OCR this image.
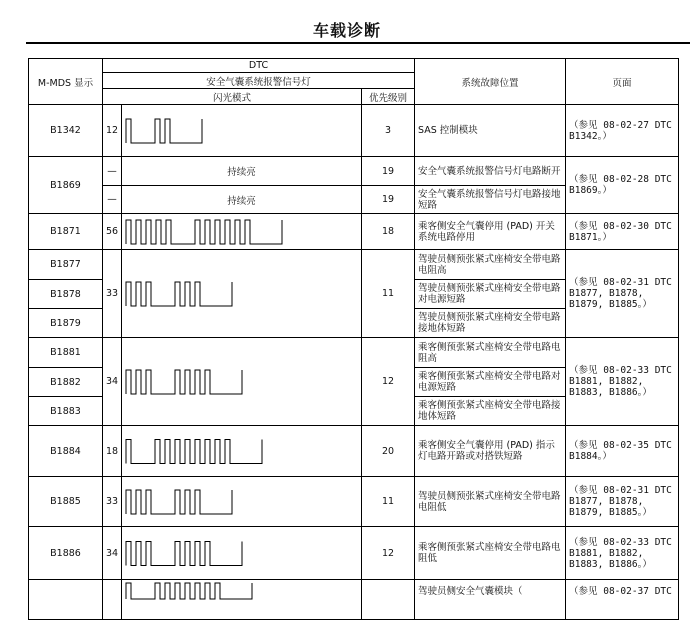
车载诊断
M-MDS 显示	DTC			系统故障位置	页面
	安全气囊系统报警信号灯				
	闪光模式		优先级别		
B1342	12		3	SAS 控制模块	（参见 08-02-27 DTC B1342。）
B1869	—	持续亮	19	安全气囊系统报警信号灯电路断开	（参见 08-02-28 DTC B1869。）
	—	持续亮	19	安全气囊系统报警信号灯电路接地短路	
B1871	56		18	乘客侧安全气囊停用 (PAD) 开关系统电路停用	（参见 08-02-30 DTC B1871。）
B1877	33		11	驾驶员侧预张紧式座椅安全带电路电阻高	（参见 08-02-31 DTC B1877, B1878, B1879, B1885。）
B1878				驾驶员侧预张紧式座椅安全带电路对电源短路	
B1879				驾驶员侧预张紧式座椅安全带电路接地体短路	
B1881	34		12	乘客侧预张紧式座椅安全带电路电阻高	（参见 08-02-33 DTC B1881, B1882, B1883, B1886。）
B1882				乘客侧预张紧式座椅安全带电路对电源短路	
B1883				乘客侧预张紧式座椅安全带电路接地体短路	
B1884	18		20	乘客侧安全气囊停用 (PAD) 指示灯电路开路或对搭铁短路	（参见 08-02-35 DTC B1884。）
B1885	33		11	驾驶员侧预张紧式座椅安全带电路电阻低	（参见 08-02-31 DTC B1877, B1878, B1879, B1885。）
B1886	34		12	乘客侧预张紧式座椅安全带电路电阻低	（参见 08-02-33 DTC B1881, B1882, B1883, B1886。）

		驾驶员侧安全气囊模块（	（参见 08-02-37 DTC
